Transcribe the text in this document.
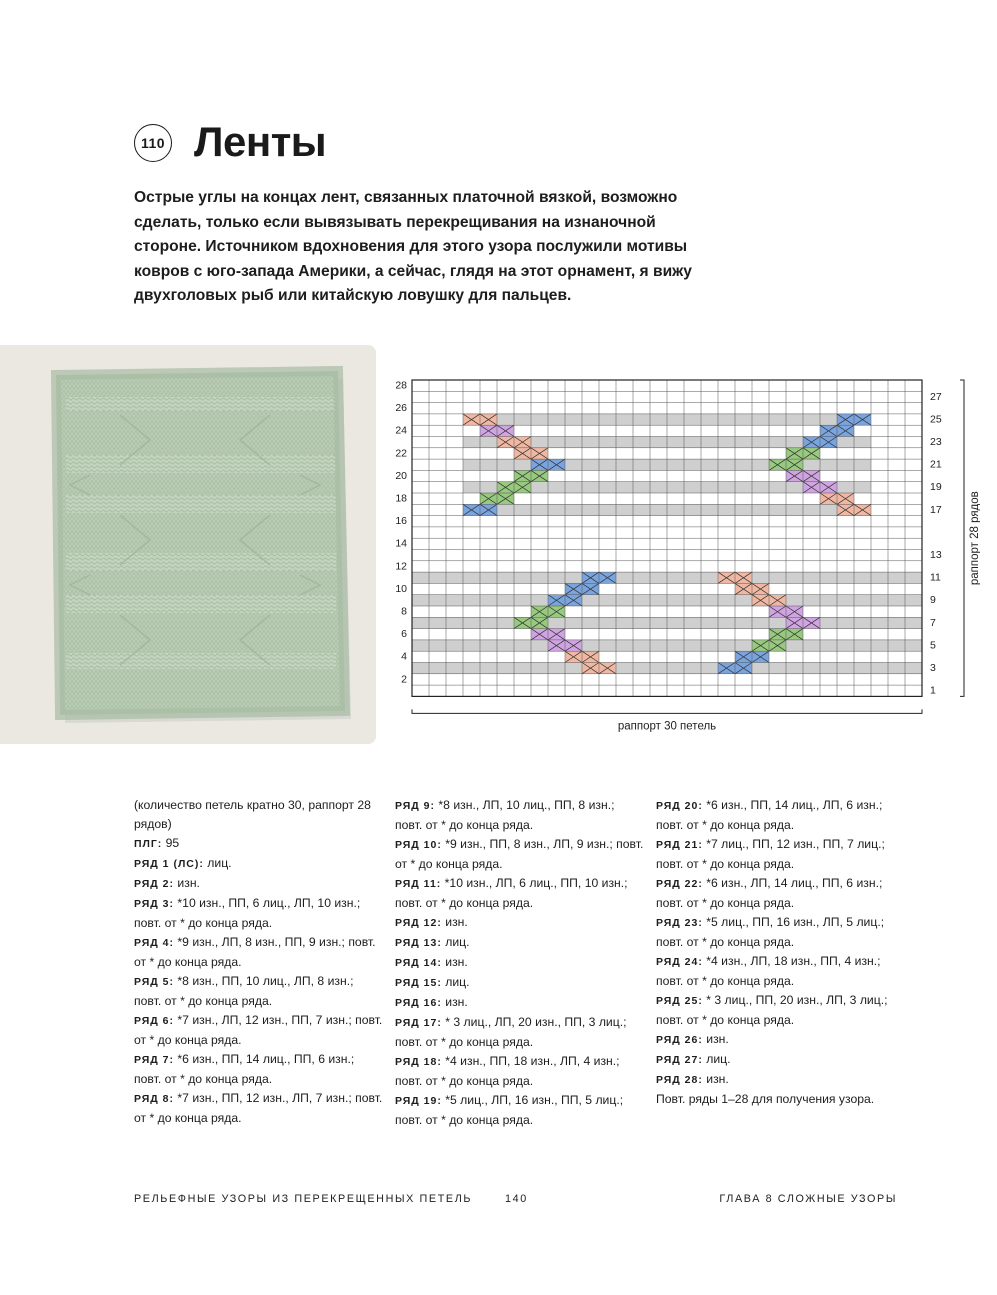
110 Ленты

Острые углы на концах лент, связанных платочной вязкой, возможно сделать, только если вывязывать перекрещивания на изнаночной стороне. Источником вдохновения для этого узора послужили мотивы ковров с юго-запада Америки, а сейчас, глядя на этот орнамент, я вижу двухголовых рыб или китайскую ловушку для пальцев.

2
4
6
8
10
12
14
16
18
20
22
24
26
28
1
3
5
7
9
11
13
17
19
21
23
25
27
раппорт 28 рядов
раппорт 30 петель

(количество петель кратно 30, раппорт 28 рядов)

ПЛГ: 95

РЯД 1 (ЛС): лиц.

РЯД 2: изн.

РЯД 3: *10 изн., ПП, 6 лиц., ЛП, 10 изн.; повт. от * до конца ряда.

РЯД 4: *9 изн., ЛП, 8 изн., ПП, 9 изн.; повт. от * до конца ряда.

РЯД 5: *8 изн., ПП, 10 лиц., ЛП, 8 изн.; повт. от * до конца ряда.

РЯД 6: *7 изн., ЛП, 12 изн., ПП, 7 изн.; повт. от * до конца ряда.

РЯД 7: *6 изн., ПП, 14 лиц., ПП, 6 изн.; повт. от * до конца ряда.

РЯД 8: *7 изн., ПП, 12 изн., ЛП, 7 изн.; повт. от * до конца ряда.

РЯД 9: *8 изн., ЛП, 10 лиц., ПП, 8 изн.; повт. от * до конца ряда.

РЯД 10: *9 изн., ПП, 8 изн., ЛП, 9 изн.; повт. от * до конца ряда.

РЯД 11: *10 изн., ЛП, 6 лиц., ПП, 10 изн.; повт. от * до конца ряда.

РЯД 12: изн.

РЯД 13: лиц.

РЯД 14: изн.

РЯД 15: лиц.

РЯД 16: изн.

РЯД 17: * 3 лиц., ЛП, 20 изн., ПП, 3 лиц.; повт. от * до конца ряда.

РЯД 18: *4 изн., ПП, 18 изн., ЛП, 4 изн.; повт. от * до конца ряда.

РЯД 19: *5 лиц., ЛП, 16 изн., ПП, 5 лиц.; повт. от * до конца ряда.

РЯД 20: *6 изн., ПП, 14 лиц., ЛП, 6 изн.; повт. от * до конца ряда.

РЯД 21: *7 лиц., ПП, 12 изн., ПП, 7 лиц.; повт. от * до конца ряда.

РЯД 22: *6 изн., ЛП, 14 лиц., ПП, 6 изн.; повт. от * до конца ряда.

РЯД 23: *5 лиц., ПП, 16 изн., ЛП, 5 лиц.; повт. от * до конца ряда.

РЯД 24: *4 изн., ЛП, 18 изн., ПП, 4 изн.; повт. от * до конца ряда.

РЯД 25: * 3 лиц., ПП, 20 изн., ЛП, 3 лиц.; повт. от * до конца ряда.

РЯД 26: изн.

РЯД 27: лиц.

РЯД 28: изн.

Повт. ряды 1–28 для получения узора.

РЕЛЬЕФНЫЕ УЗОРЫ ИЗ ПЕРЕКРЕЩЕННЫХ ПЕТЕЛЬ	140	ГЛАВА 8 СЛОЖНЫЕ УЗОРЫ
